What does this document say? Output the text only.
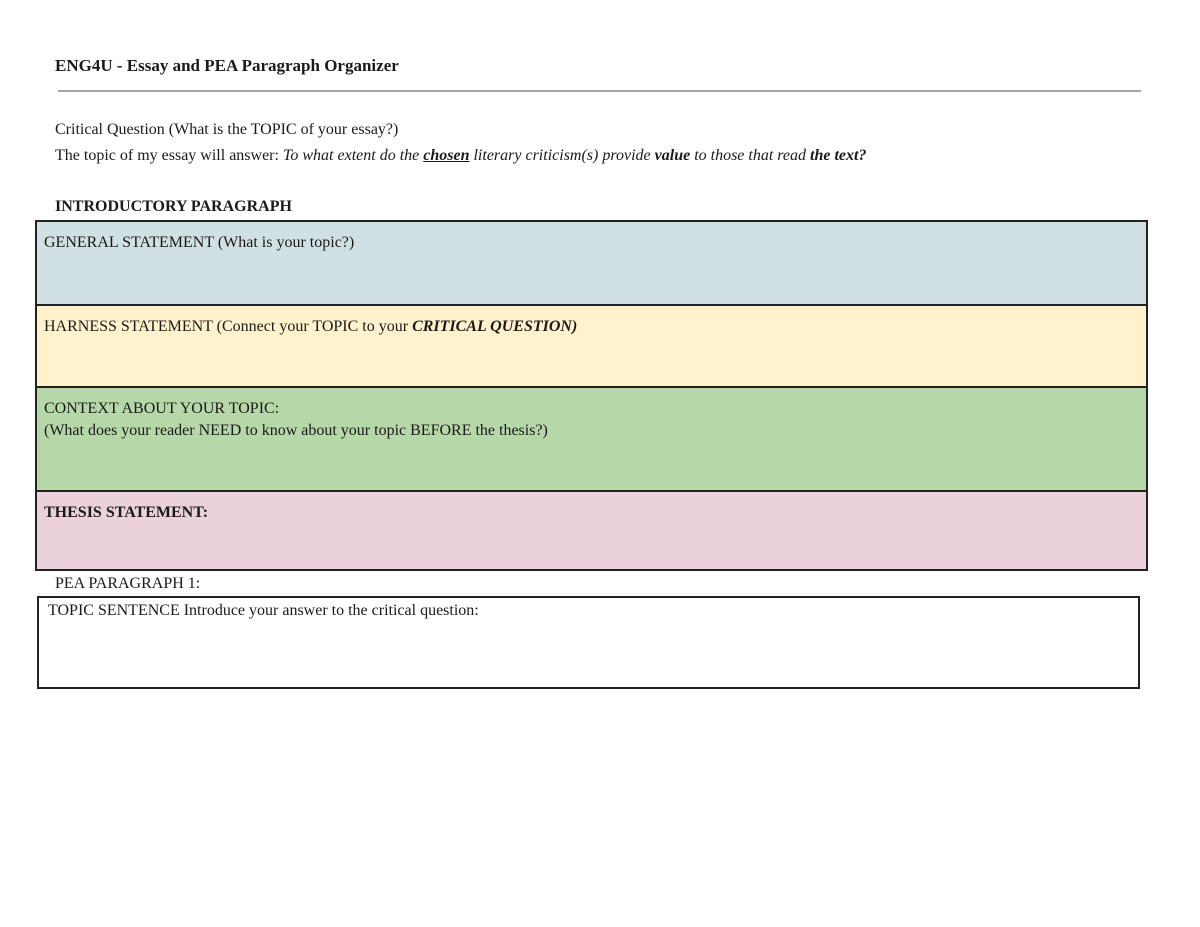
ENG4U - Essay and PEA Paragraph Organizer
Critical Question (What is the TOPIC of your essay?)
The topic of my essay will answer: To what extent do the chosen literary criticism(s) provide value to those that read the text?
INTRODUCTORY PARAGRAPH
GENERAL STATEMENT (What is your topic?)
HARNESS STATEMENT (Connect your TOPIC to your CRITICAL QUESTION)
CONTEXT ABOUT YOUR TOPIC:
(What does your reader NEED to know about your topic BEFORE the thesis?)
THESIS STATEMENT:
PEA PARAGRAPH 1:
TOPIC SENTENCE Introduce your answer to the critical question:
